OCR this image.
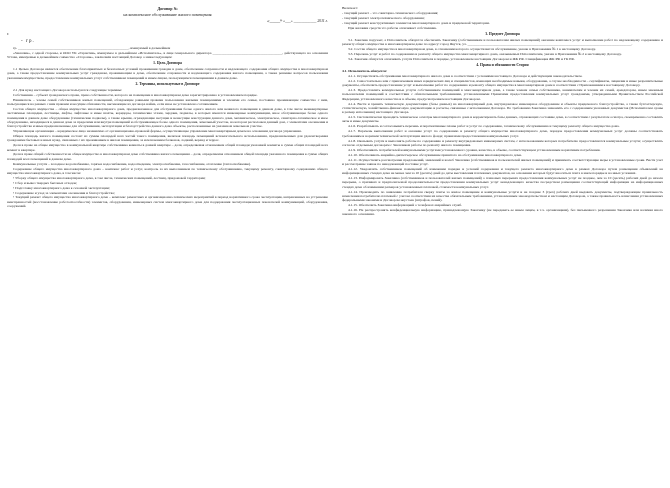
Договор №

на комплексное обслуживание жилого помещения

«____» «___» ____________ 2011 г.

г.

- гр.

гр. ______________________________________________________________, именуемый в дальнейшем

«Заказчик», с одной стороны, и ООО УК «Гарантия», именуемое в дальнейшем «Исполнитель», в лице генерального директора _______________________________________, действующего на основании Устава, именуемые в дальнейшем совместно «Стороны», заключили настоящий Договор о нижеследующем:

1. Цель Договора

1.1 Целью Договора является обеспечение благоприятных и безопасных условий проживания граждан в доме, обеспечение сохранности и надлежащего содержания общего имущества в многоквартирном доме, а также предоставление коммунальных услуг гражданам, проживающим в доме, обеспечение сохранности и надлежащего содержания жилого помещения, а также решение вопросов пользования указанным имуществом, предоставление коммунальных услуг собственникам помещений и иным лицам, пользующимся помещениями в данном доме.

2. Термины, используемые в Договоре

2.1 Для нужд настоящего Договора используются следующие термины:

Собственник – субъект гражданского права, право собственности, которого на помещение в многоквартирном доме зарегистрировано в установленном порядке.

Наниматель – члены семей собственников жилых помещений, обладающие равными правами пользования жилыми помещениями и членами его семьи, постоянно проживающие совместно с ним, пользующиеся на равных с ним правами и несущие обязанности, вытекающие из договора найма, если иное не установлено соглашением.

Состав общего имущества – общее имущество многоквартирного дома, предназначенное для обслуживания более одного жилого или нежилого помещения в данном доме, в том числе межквартирные лестничные площадки, лестницы, лифты, лифтовые и иные шахты, коридоры, технические этажи, чердаки, подвалы, в которых имеются инженерные коммуникации, иное обслуживающее более одного помещения в данном доме оборудование (технические подвалы), а также крыши, ограждающие несущие и ненесущие конструкции данного дома, механическое, электрическое, санитарно-техническое и иное оборудование, находящееся в данном доме за пределами или внутри помещений и обслуживающее более одного помещения, земельный участок, на котором расположен данный дом, с элементами озеленения и благоустройства и иные предназначенные для обслуживания, эксплуатации и благоустройства данного дома объекты, расположенные на указанном земельном участке.

Управляющая организация – юридическое лицо независимо от организационно-правовой формы, осуществляющее управление многоквартирным домом на основании договора управления.

Общее площадь жилого помещения состоит из суммы площадей всех частей такого помещения, включая площадь помещений вспомогательного использования, предназначенных для удовлетворения гражданами бытовых и иных нужд, связанных с их проживанием в жилом помещении, за исключением балконов, лоджий, веранд и террас.

Доля в праве на общее имущество в коммунальной квартире собственника комнаты в данной квартире – доля, определяемая отношением общей площади указанной комнаты к сумме общих площадей всех комнат в квартире.

Доля в праве общей собственности на общее имущество в многоквартирном доме собственника жилого помещения – доля, определяемая отношением общей площади указанного помещения к сумме общих площадей всех помещений в данном доме.

Коммунальные услуги – холодное водоснабжение, горячее водоснабжение, водоотведение, электроснабжение, газоснабжение, отопление (теплоснабжение).

Содержание общего имущества многоквартирного дома – комплекс работ и услуг, контроль за их выполнением по техническому обслуживанию, текущему ремонту, санитарному содержанию общего имущества многоквартирного дома, в том числе:

• Уборку общего имущества многоквартирного дома, в том числе, технических помещений, лестниц, придомовой территории;

• Сбор и вывоз твердых бытовых отходов;

• Подготовку многоквартирного дома к сезонной эксплуатации;

• Содержание и уход за элементами озеленения и благоустройства;

• Текущий ремонт общего имущества многоквартирного дома – комплекс ремонтных и организационно-технических мероприятий в период нормативного срока эксплуатации, направленных на устранение неисправностей (восстановление работоспособности) элементов, оборудования, инженерных систем многоквартирного дома для поддержания эксплуатационных показателей коммуникаций, оборудования, сооружений.

Включает:

- текущий ремонт – это санитарно-технического оборудования;

- текущий ремонт электротехнического оборудования;

- текущий ремонт конструктивных элементов многоквартирного дома и придомовой территории.

При желании средств это работы оплачивает собственник.

3. Предмет Договора

3.1. Заказчик поручает, а Исполнитель обязуется обеспечить Заказчику (собственникам и пользователям жилых помещений) оказание комплекса услуг и выполнение работ по надлежащему содержанию и ремонту общего имущества в многоквартирном доме по адресу: город Якутск, ул. ____________________________________________________________________________________________.

3.2. Состав общего имущества в многоквартирном доме, в отношении которого осуществляется обслуживание, указан в Приложении № 1 к настоящему Договору.

3.3. Перечень услуг и работ по содержанию и ремонту общего имущества многоквартирного дома, оказываемых Исполнителем, указан в Приложении № 2 к настоящему Договору.

3.4. Заказчик обязуется оплачивать услуги Исполнителя в порядке, установленном настоящим Договором и ЖК РФ. Спецификация ЖК РФ и ГК РФ.

4. Права и обязанности Сторон

4.1. Исполнитель обязуется:

4.1.1. Осуществлять обслуживание многоквартирного жилого дома в соответствии с условиями настоящего Договора и действующим законодательством.

4.1.2. Самостоятельно или с привлечением иных юридических лиц и специалистов, имеющих необходимые навыки, оборудование, а случае необходимости – сертификаты, лицензии и иные разрешительные документы, обеспечить предоставление услуг и выполнение работ по содержанию и ремонту общего имущества в многоквартирном доме в соответствии с Приложениями к настоящему Договору.

4.1.3. Предоставлять коммунальные услуги собственникам помещений в многоквартирном доме, а также членам семьи собственника, нанимателям и членам их семей, арендаторам, иным законным пользователям помещений в соответствии с обязательными требованиями, установленными Правилами предоставления коммунальных услуг гражданами, утвержденными Правительством Российской Федерации, установленного качества и в объеме, предусмотренном настоящим Договором.

4.1.4. Вести и хранить техническую документацию (базы данных) на многоквартирный дом, внутридомовое инженерное оборудование и объекты придомового благоустройства, а также бухгалтерскую, статистическую, хозяйственно-финансовую документацию и расчеты, связанные с исполнением Договора. По требованию Заказчика знакомить его с содержанием указанных документов (Исполнителем сданы в размер исполнения) настоящего Договора.

4.1.5. Систематически проводить техническое осмотры многоквартирного дома и корректировать базы данных, отражающих состояние дома, в соответствии с результатом осмотра, своевременно составлять акты и иные документы.

4.1.6. Разрабатывать и согласовывать перечень и перспективные планы работ и услуг по содержанию, техническому обслуживанию и текущему ремонту общего имущества дома.

4.1.7. Перечень выполнения работ и оказание услуг по содержанию и ремонту общего имущества многоквартирного дома, порядок предоставления коммунальных услуг должны соответствовать требованиям и нормами технической эксплуатации жилого фонда; правилами предоставления коммунальных услуг.

4.1.8. Оказывать услуги и выполнять работы по содержанию и ремонту внутридомовых инженерных систем, с использованием которых потребителю предоставляются коммунальные услуги; осуществлять согласно отдельным договорам с Заказчиком работы по ремонту жилого помещения.

4.1.9. Обеспечивать потребителей коммунальными услугами установленного уровня, качества, в объеме, соответствующем установленным нормативам потребления.

4.1.10. Обеспечивать аварийно-диспетчерское обслуживание принятого на обслуживание многоквартирного дома.

4.1.11. Осуществлять рассмотрение предложений, заявлений и жалоб Заказчика (собственников и пользователей жилых помещений) и принимать соответствующие меры в установленные сроки. Вести учет и рассмотрение заявок по ненадлежащей поставке услуг.

4.1.12. Уведомлять собственников помещений об изменении порядка и условий содержания и текущего ремонта многоквартирного дома в рамках Договора путем размещения объявлений на информационных стендах дома не менее чем за 10 (десять) дней до даты выставления платежных документов, на основании которых будут вноситься плата в ином порядке и на иных условиях.

4.1.13. Информировать Заказчика (собственников и пользователей жилых помещений) о плановых перерывах предоставления коммунальных услуг не позднее, чем за 10 (десять) рабочих дней до начала перерыва, о причинах и предполагаемой продолжительности предоставления коммунальных услуг ненадлежащего качества посредством размещения соответствующей информации на информационных стендах дома об изменении размеров установленных платежей, стоимости коммунальных услуг.

4.1.14. Производить по заявлению потребителя сверку платы за жилое помещение и коммунальные услуги и не позднее 3 (трех) рабочих дней выдавать документы, подтверждающие правильность начисления потребителю платежей с учетом соответствия их качества обязательным требованиям, установленным законодательством и настоящим Договором, а также правильность начисления установленных федеральными законами и Договором неустоек (штрафов, пеней).

4.1.15. Обеспечить Заказчика информацией о телефонах аварийных служб.

4.1.16. Не распространять конфиденциальную информацию, принадлежащую Заказчику (не передавать ее иным лицам, в т.ч. организациям), без письменного разрешения Заказчика или наличия иного законного основания.
